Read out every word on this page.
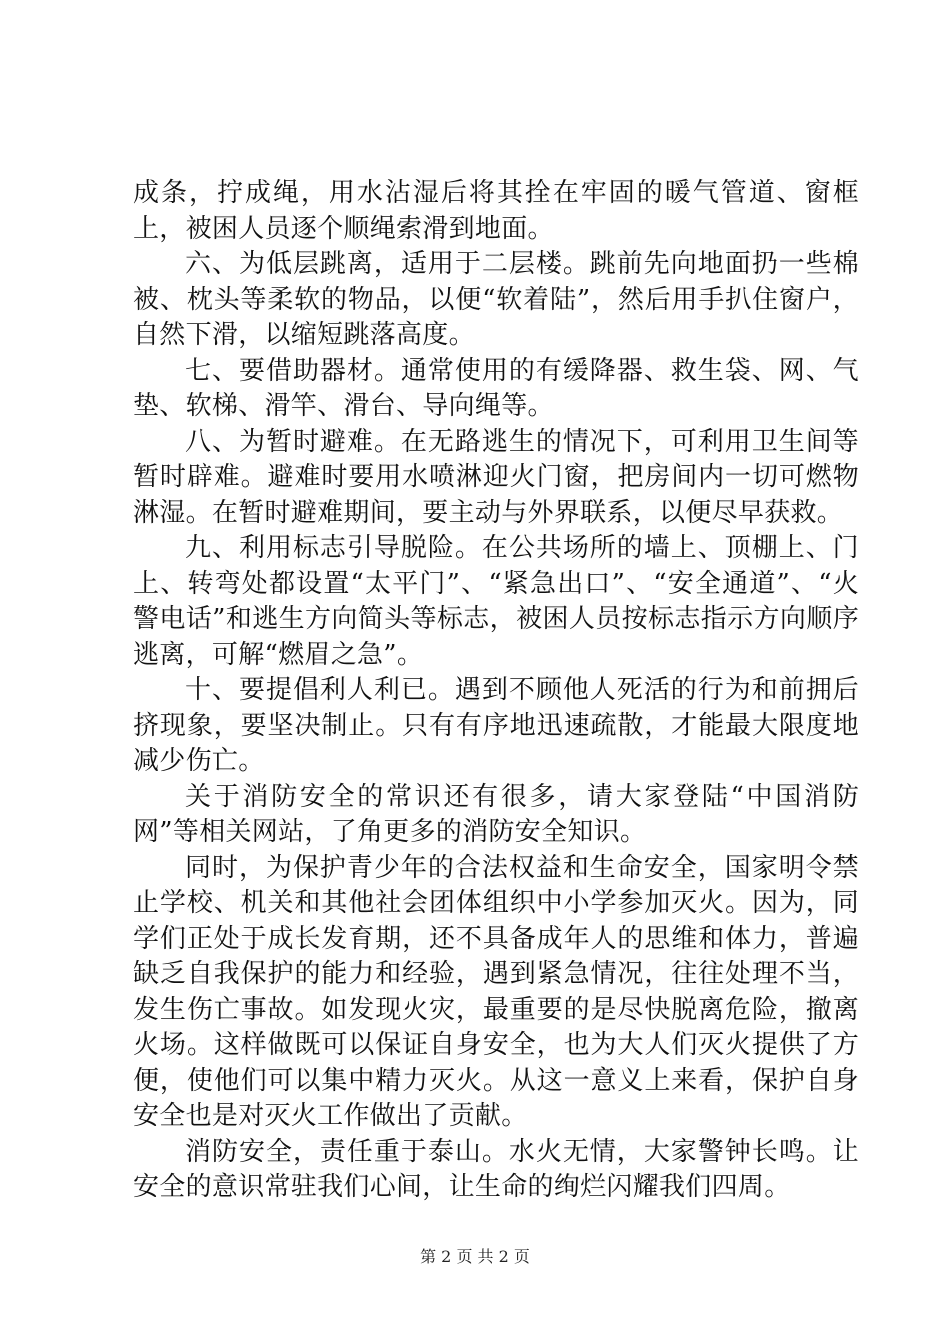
成条，拧成绳，用水沾湿后将其拴在牢固的暖气管道、窗框上，被困人员逐个顺绳索滑到地面。

六、为低层跳离，适用于二层楼。跳前先向地面扔一些棉被、枕头等柔软的物品，以便“软着陆”，然后用手扒住窗户，自然下滑，以缩短跳落高度。

七、要借助器材。通常使用的有缓降器、救生袋、网、气垫、软梯、滑竿、滑台、导向绳等。

八、为暂时避难。在无路逃生的情况下，可利用卫生间等暂时辟难。避难时要用水喷淋迎火门窗，把房间内一切可燃物淋湿。在暂时避难期间，要主动与外界联系，以便尽早获救。

九、利用标志引导脱险。在公共场所的墙上、顶棚上、门上、转弯处都设置“太平门”、“紧急出口”、“安全通道”、“火警电话”和逃生方向简头等标志，被困人员按标志指示方向顺序逃离，可解“燃眉之急”。

十、要提倡利人利已。遇到不顾他人死活的行为和前拥后挤现象，要坚决制止。只有有序地迅速疏散，才能最大限度地减少伤亡。

关于消防安全的常识还有很多，请大家登陆“中国消防网”等相关网站，了角更多的消防安全知识。

同时，为保护青少年的合法权益和生命安全，国家明令禁止学校、机关和其他社会团体组织中小学参加灭火。因为，同学们正处于成长发育期，还不具备成年人的思维和体力，普遍缺乏自我保护的能力和经验，遇到紧急情况，往往处理不当，发生伤亡事故。如发现火灾，最重要的是尽快脱离危险，撤离火场。这样做既可以保证自身安全，也为大人们灭火提供了方便，使他们可以集中精力灭火。从这一意义上来看，保护自身安全也是对灭火工作做出了贡献。

消防安全，责任重于泰山。水火无情，大家警钟长鸣。让安全的意识常驻我们心间，让生命的绚烂闪耀我们四周。

第 2 页 共 2 页
